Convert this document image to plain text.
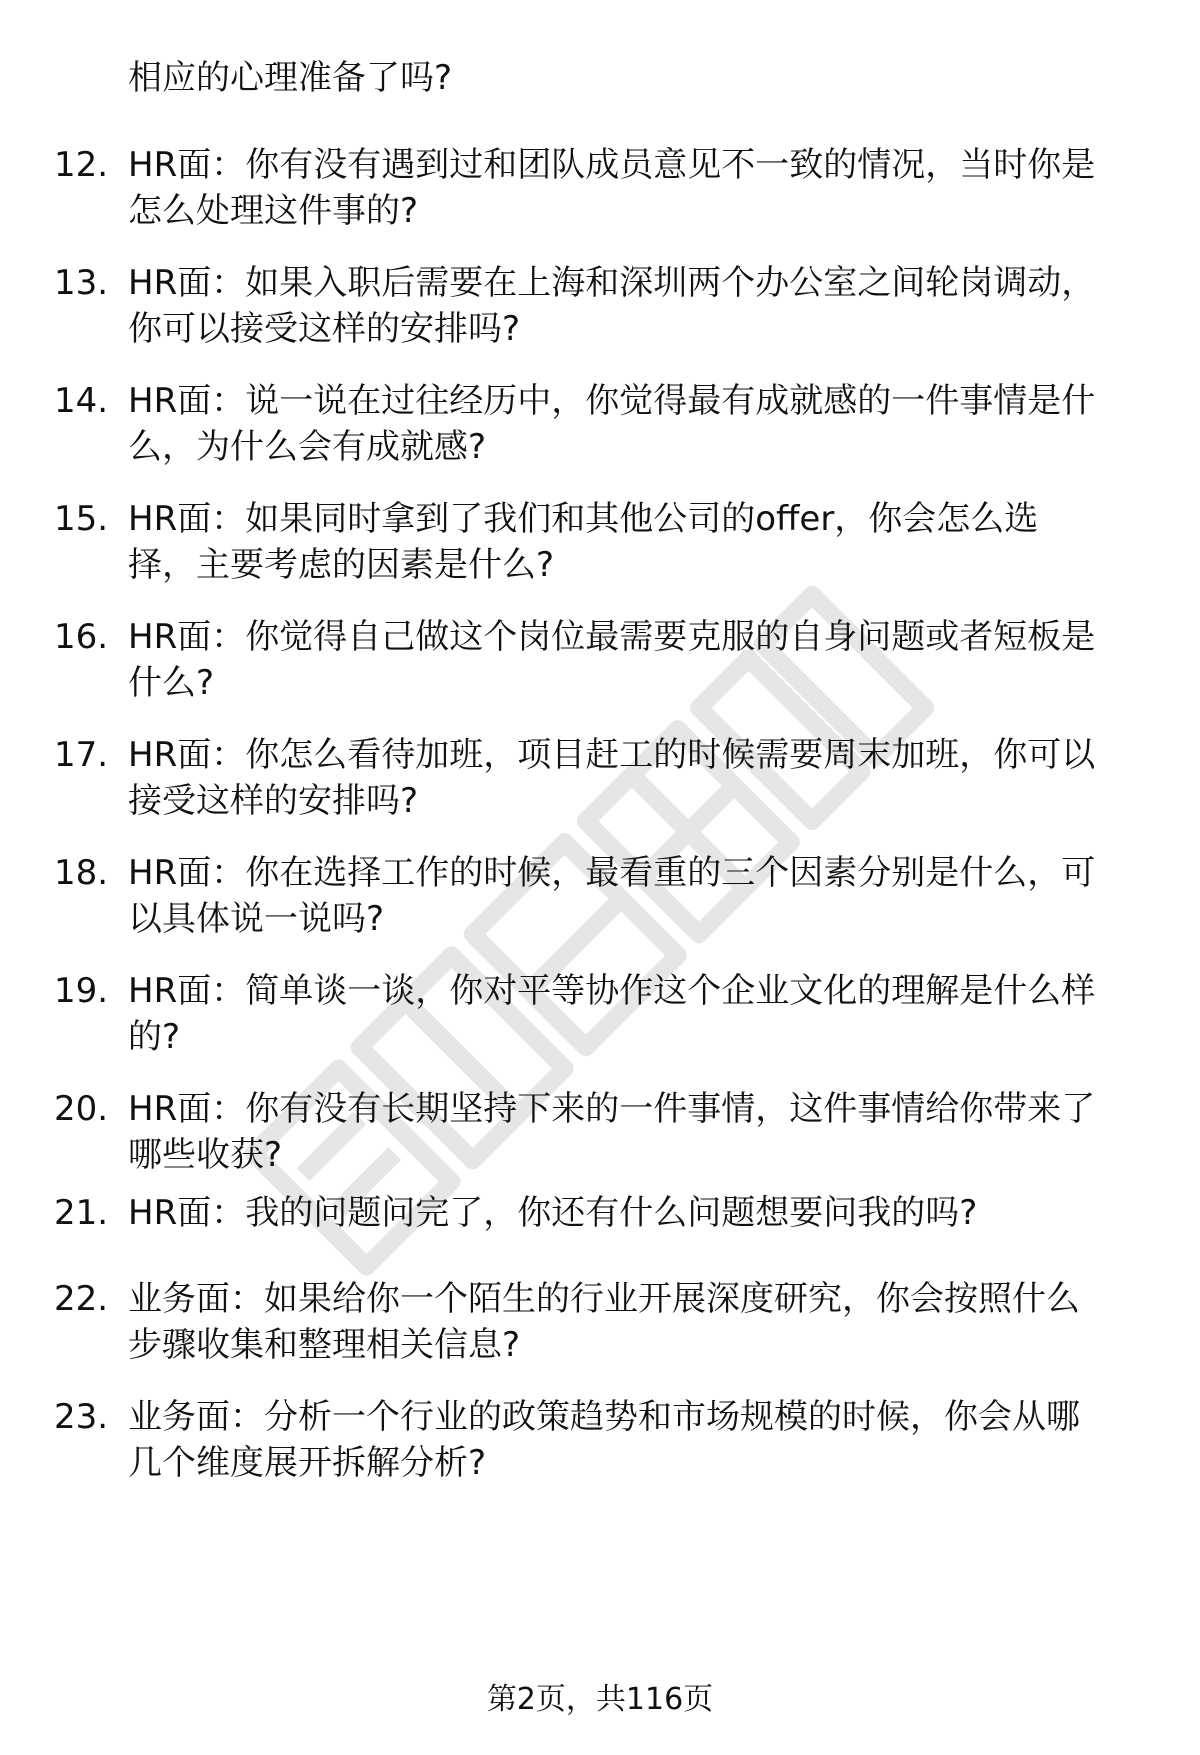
相应的心理准备了吗?
12. HR面：你有没有遇到过和团队成员意见不一致的情况，当时你是
怎么处理这件事的?
13. HR面：如果入职后需要在上海和深圳两个办公室之间轮岗调动，
你可以接受这样的安排吗?
14. HR面：说一说在过往经历中，你觉得最有成就感的一件事情是什
么，为什么会有成就感?
15. HR面：如果同时拿到了我们和其他公司的offer，你会怎么选
择，主要考虑的因素是什么?
16. HR面：你觉得自己做这个岗位最需要克服的自身问题或者短板是
什么?
17. HR面：你怎么看待加班，项目赶工的时候需要周末加班，你可以
接受这样的安排吗?
18. HR面：你在选择工作的时候，最看重的三个因素分别是什么，可
以具体说一说吗?
19. HR面：简单谈一谈，你对平等协作这个企业文化的理解是什么样
的?
20. HR面：你有没有长期坚持下来的一件事情，这件事情给你带来了
哪些收获?
21. HR面：我的问题问完了，你还有什么问题想要问我的吗?
22. 业务面：如果给你一个陌生的行业开展深度研究，你会按照什么
步骤收集和整理相关信息?
23. 业务面：分析一个行业的政策趋势和市场规模的时候，你会从哪
几个维度展开拆解分析?
第2页，共116页
